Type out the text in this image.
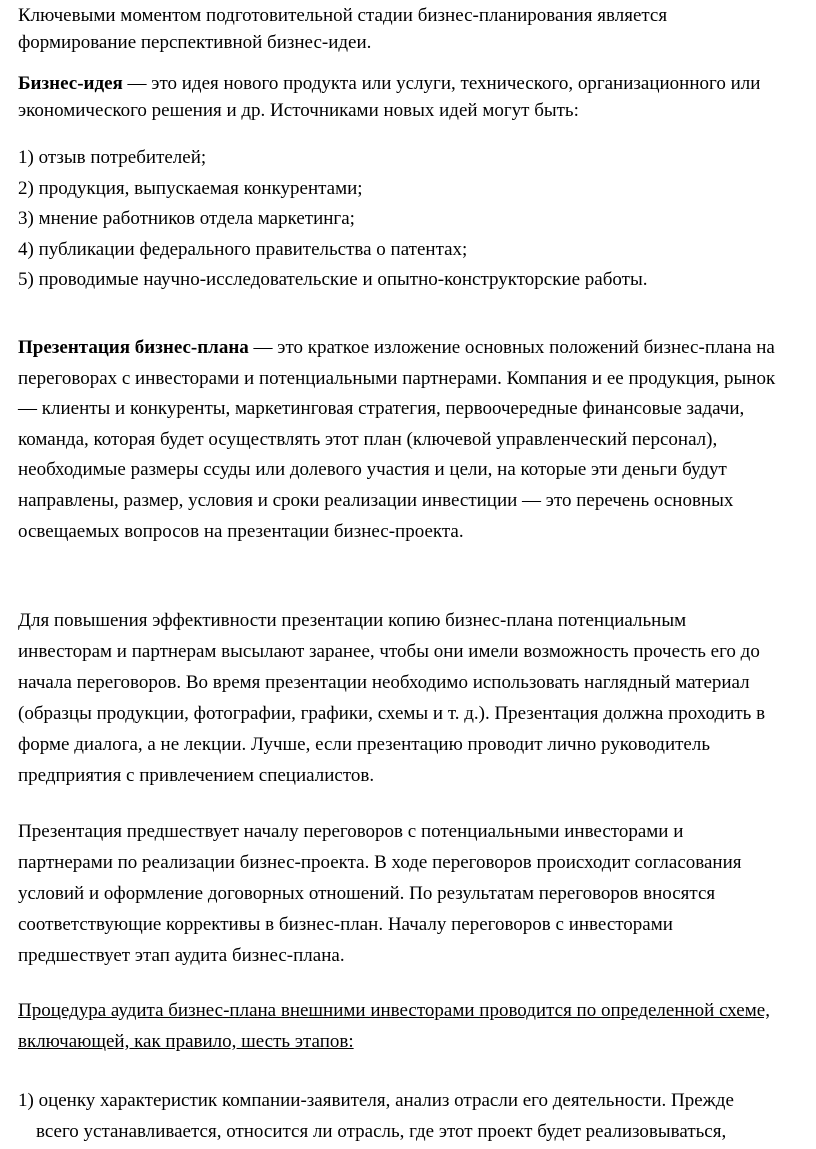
Ключевыми моментом подготовительной стадии бизнес-планирования является формирование перспективной бизнес-идеи.

Бизнес-идея — это идея нового продукта или услуги, технического, организационного или экономического решения и др. Источниками новых идей могут быть:

1) отзыв потребителей;
2) продукция, выпускаемая конкурентами;
3) мнение работников отдела маркетинга;
4) публикации федерального правительства о патентах;
5) проводимые научно-исследовательские и опытно-конструкторские работы.

Презентация бизнес-плана — это краткое изложение основных положений бизнес-плана на переговорах с инвесторами и потенциальными партнерами. Компания и ее продукция, рынок — клиенты и конкуренты, маркетинговая стратегия, первоочередные финансовые задачи, команда, которая будет осуществлять этот план (ключевой управленческий персонал), необходимые размеры ссуды или долевого участия и цели, на которые эти деньги будут направлены, размер, условия и сроки реализации инвестиции — это перечень основных освещаемых вопросов на презентации бизнес-проекта.

Для повышения эффективности презентации копию бизнес-плана потенциальным инвесторам и партнерам высылают заранее, чтобы они имели возможность прочесть его до начала переговоров. Во время презентации необходимо использовать наглядный материал (образцы продукции, фотографии, графики, схемы и т. д.). Презентация должна проходить в форме диалога, а не лекции. Лучше, если презентацию проводит лично руководитель предприятия с привлечением специалистов.

Презентация предшествует началу переговоров с потенциальными инвесторами и партнерами по реализации бизнес-проекта. В ходе переговоров происходит согласования условий и оформление договорных отношений. По результатам переговоров вносятся соответствующие коррективы в бизнес-план. Началу переговоров с инвесторами предшествует этап аудита бизнес-плана.

Процедура аудита бизнес-плана внешними инвесторами проводится по определенной схеме, включающей, как правило, шесть этапов:

1) оценку характеристик компании-заявителя, анализ отрасли его деятельности. Прежде

всего устанавливается, относится ли отрасль, где этот проект будет реализовываться,
